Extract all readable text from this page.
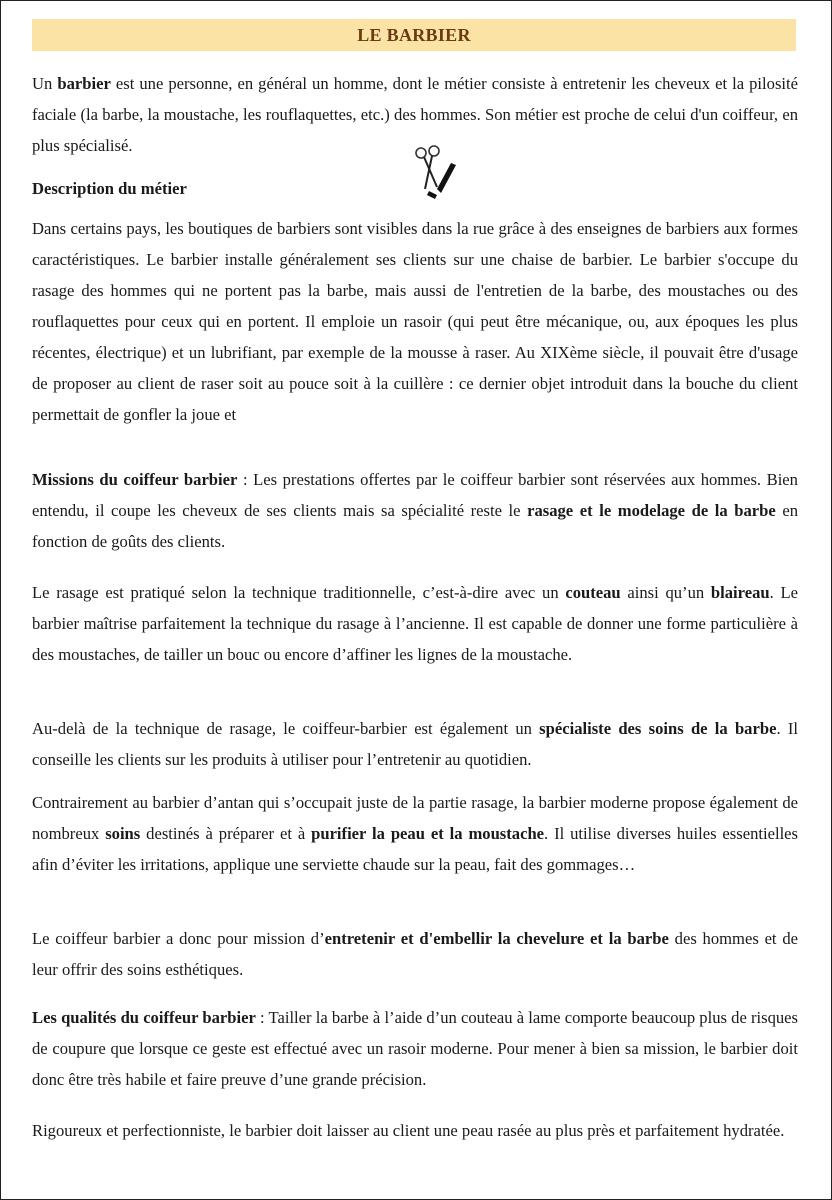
LE BARBIER

Un barbier est une personne, en général un homme, dont le métier consiste à entretenir les cheveux et la pilosité faciale (la barbe, la moustache, les rouflaquettes, etc.) des hommes. Son métier est proche de celui d'un coiffeur, en plus spécialisé.

Description du métier

Dans certains pays, les boutiques de barbiers sont visibles dans la rue grâce à des enseignes de barbiers aux formes caractéristiques. Le barbier installe généralement ses clients sur une chaise de barbier. Le barbier s'occupe du rasage des hommes qui ne portent pas la barbe, mais aussi de l'entretien de la barbe, des moustaches ou des rouflaquettes pour ceux qui en portent. Il emploie un rasoir (qui peut être mécanique, ou, aux époques les plus récentes, électrique) et un lubrifiant, par exemple de la mousse à raser. Au XIXème siècle, il pouvait être d'usage de proposer au client de raser soit au pouce soit à la cuillère : ce dernier objet introduit dans la bouche du client permettait de gonfler la joue et

Missions du coiffeur barbier : Les prestations offertes par le coiffeur barbier sont réservées aux hommes. Bien entendu, il coupe les cheveux de ses clients mais sa spécialité reste le rasage et le modelage de la barbe en fonction de goûts des clients.

Le rasage est pratiqué selon la technique traditionnelle, c’est-à-dire avec un couteau ainsi qu’un blaireau. Le barbier maîtrise parfaitement la technique du rasage à l’ancienne. Il est capable de donner une forme particulière à des moustaches, de tailler un bouc ou encore d’affiner les lignes de la moustache.

Au-delà de la technique de rasage, le coiffeur-barbier est également un spécialiste des soins de la barbe. Il conseille les clients sur les produits à utiliser pour l’entretenir au quotidien.

Contrairement au barbier d’antan qui s’occupait juste de la partie rasage, la barbier moderne propose également de nombreux soins destinés à préparer et à purifier la peau et la moustache. Il utilise diverses huiles essentielles afin d’éviter les irritations, applique une serviette chaude sur la peau, fait des gommages…

Le coiffeur barbier a donc pour mission d’entretenir et d'embellir la chevelure et la barbe des hommes et de leur offrir des soins esthétiques.

Les qualités du coiffeur barbier : Tailler la barbe à l’aide d’un couteau à lame comporte beaucoup plus de risques de coupure que lorsque ce geste est effectué avec un rasoir moderne. Pour mener à bien sa mission, le barbier doit donc être très habile et faire preuve d’une grande précision.

Rigoureux et perfectionniste, le barbier doit laisser au client une peau rasée au plus près et parfaitement hydratée.
